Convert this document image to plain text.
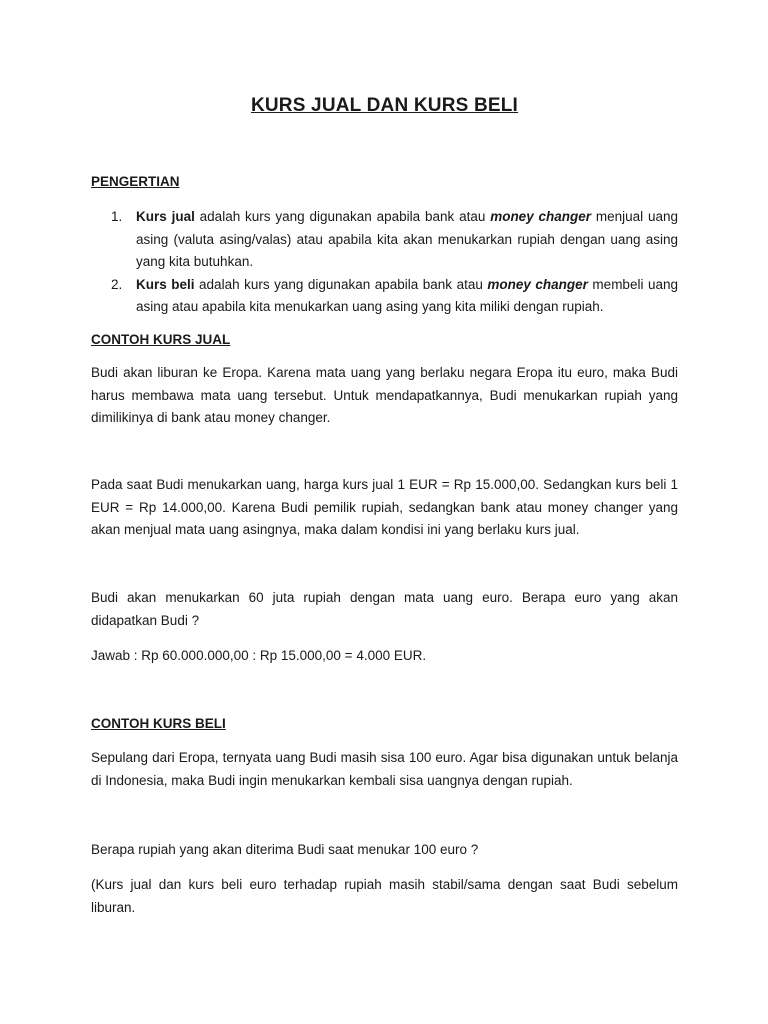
KURS JUAL DAN KURS BELI
PENGERTIAN
1. Kurs jual adalah kurs yang digunakan apabila bank atau money changer menjual uang asing (valuta asing/valas) atau apabila kita akan menukarkan rupiah dengan uang asing yang kita butuhkan.
2. Kurs beli adalah kurs yang digunakan apabila bank atau money changer membeli uang asing atau apabila kita menukarkan uang asing yang kita miliki dengan rupiah.
CONTOH KURS JUAL

Budi akan liburan ke Eropa. Karena mata uang yang berlaku negara Eropa itu euro, maka Budi harus membawa mata uang tersebut. Untuk mendapatkannya, Budi menukarkan rupiah yang dimilikinya di bank atau money changer.

Pada saat Budi menukarkan uang, harga kurs jual 1 EUR = Rp 15.000,00. Sedangkan kurs beli 1 EUR = Rp 14.000,00. Karena Budi pemilik rupiah, sedangkan bank atau money changer yang akan menjual mata uang asingnya, maka dalam kondisi ini yang berlaku kurs jual.

Budi akan menukarkan 60 juta rupiah dengan mata uang euro. Berapa euro yang akan didapatkan Budi ?

Jawab : Rp 60.000.000,00 : Rp 15.000,00 = 4.000 EUR.

CONTOH KURS BELI

Sepulang dari Eropa, ternyata uang Budi masih sisa 100 euro. Agar bisa digunakan untuk belanja di Indonesia, maka Budi ingin menukarkan kembali sisa uangnya dengan rupiah.

Berapa rupiah yang akan diterima Budi saat menukar 100 euro ?

(Kurs jual dan kurs beli euro terhadap rupiah masih stabil/sama dengan saat Budi sebelum liburan.
